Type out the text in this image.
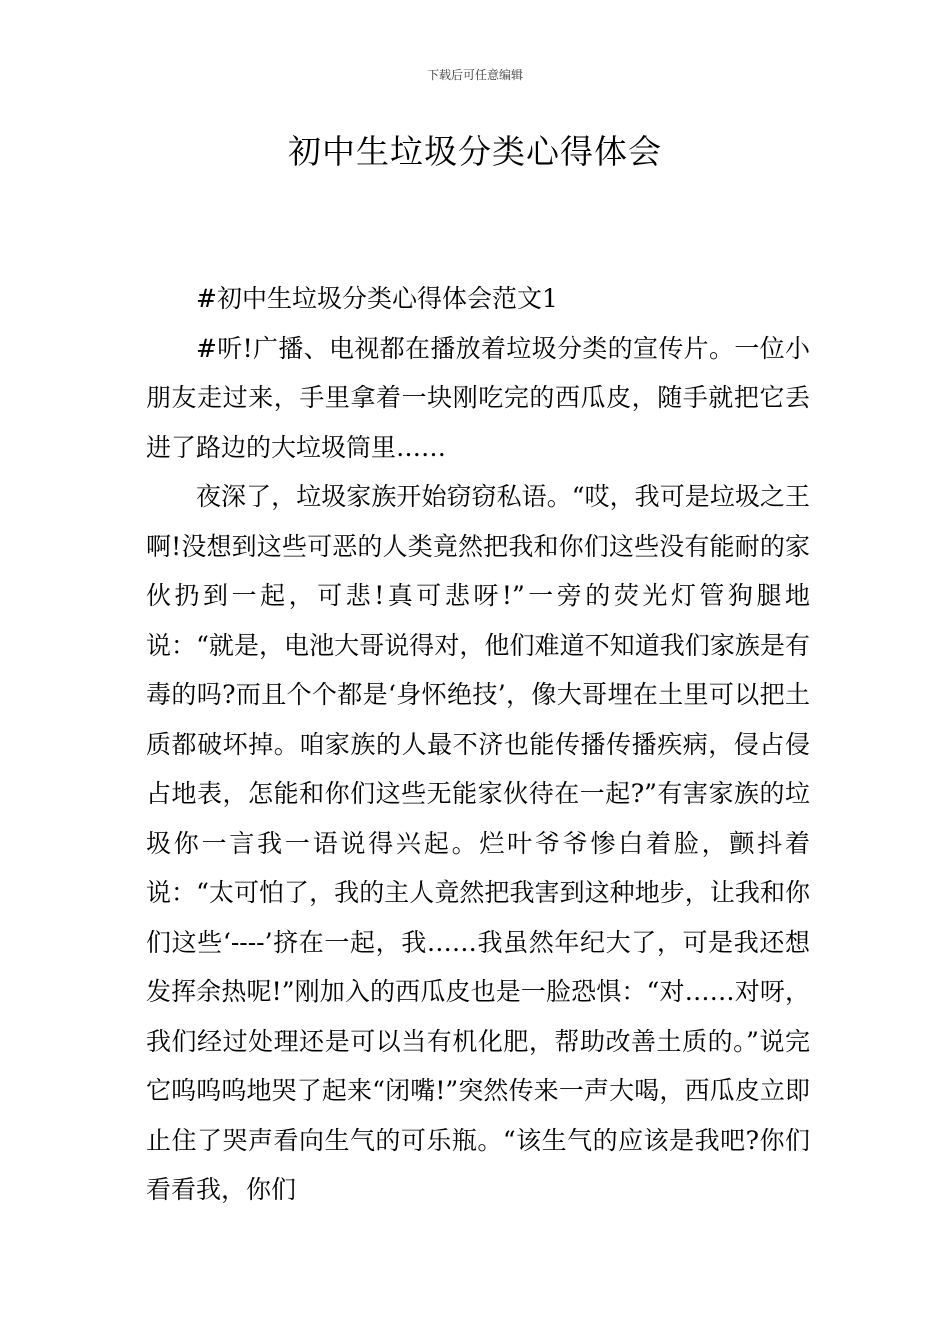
下载后可任意编辑
初中生垃圾分类心得体会

#初中生垃圾分类心得体会范文1

#听!广播、电视都在播放着垃圾分类的宣传片。一位小朋友走过来，手里拿着一块刚吃完的西瓜皮，随手就把它丢进了路边的大垃圾筒里……

夜深了，垃圾家族开始窃窃私语。“哎，我可是垃圾之王啊!没想到这些可恶的人类竟然把我和你们这些没有能耐的家伙扔到一起，可悲!真可悲呀!”一旁的荧光灯管狗腿地说：“就是，电池大哥说得对，他们难道不知道我们家族是有毒的吗?而且个个都是‘身怀绝技’，像大哥埋在土里可以把土质都破坏掉。咱家族的人最不济也能传播传播疾病，侵占侵占地表，怎能和你们这些无能家伙待在一起?”有害家族的垃圾你一言我一语说得兴起。烂叶爷爷惨白着脸，颤抖着说：“太可怕了，我的主人竟然把我害到这种地步，让我和你们这些‘----’挤在一起，我……我虽然年纪大了，可是我还想发挥余热呢!”刚加入的西瓜皮也是一脸恐惧：“对……对呀，我们经过处理还是可以当有机化肥，帮助改善土质的。”说完它呜呜呜地哭了起来“闭嘴!”突然传来一声大喝，西瓜皮立即止住了哭声看向生气的可乐瓶。“该生气的应该是我吧?你们看看我，你们
